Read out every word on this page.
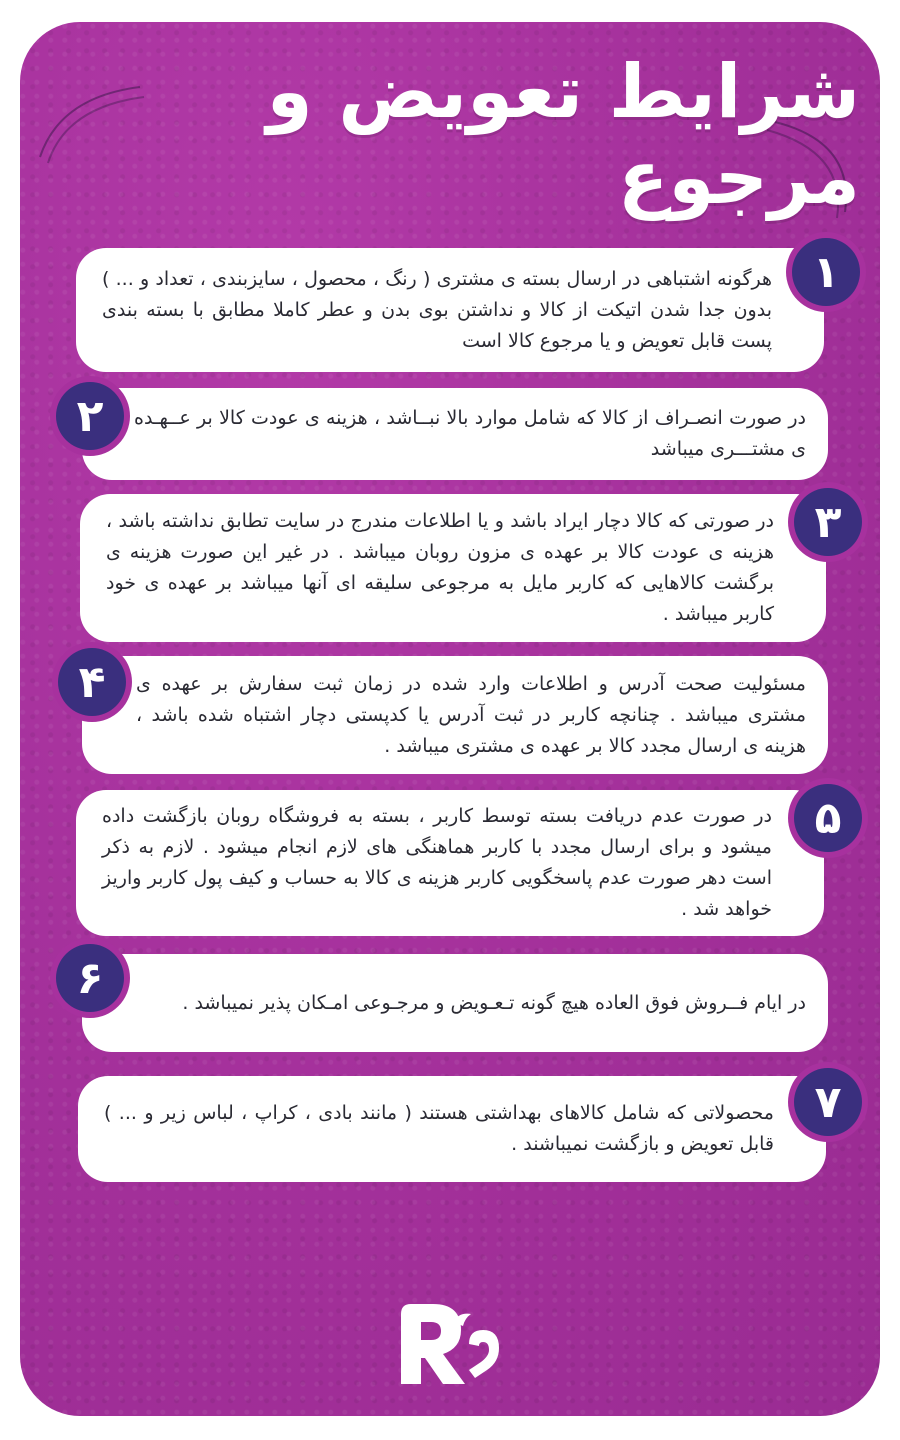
شرایط تعویض و مرجوع

هرگونه اشتباهی در ارسال بسته ی مشتری ( رنگ ، محصول ، سایزبندی ، تعداد و ... ) بدون جدا شدن اتیکت از کالا و نداشتن بوی بدن و عطر کاملا مطابق با بسته بندی پست قابل تعویض و یا مرجوع کالا است

۱

در صورت انصـراف از کالا که شامل موارد بالا نبــاشد ، هزینه ی عودت کالا بر عــهـده ی مشتـــری میباشد

۲

در صورتی که کالا دچار ایراد باشد و یا اطلاعات مندرج در سایت تطابق نداشته باشد ، هزینه ی عودت کالا بر عهده ی مزون روبان میباشد . در غیر این صورت هزینه ی برگشت کالاهایی که کاربر مایل به مرجوعی سلیقه ای آنها میباشد بر عهده ی خود کاربر میباشد .

۳

مسئولیت صحت آدرس و اطلاعات وارد شده در زمان ثبت سفارش بر عهده ی مشتری میباشد . چنانچه کاربر در ثبت آدرس یا کدپستی دچار اشتباه شده باشد ، هزینه ی ارسال مجدد کالا بر عهده ی مشتری میباشد .

۴

در صورت عدم دریافت بسته توسط کاربر ، بسته به فروشگاه روبان بازگشت داده میشود و برای ارسال مجدد با کاربر هماهنگی های لازم انجام میشود . لازم به ذکر است دهر صورت عدم پاسخگویی کاربر هزینه ی کالا به حساب و کیف پول کاربر واریز خواهد شد .

۵

در ایام فــروش فوق العاده هیچ گونه تـعـویض و مرجـوعی امـکان پذیر نمیباشد .

۶

محصولاتی که شامل کالاهای بهداشتی هستند ( مانند بادی ، کراپ ، لباس زیر و ... ) قابل تعویض و بازگشت نمیباشند .

۷
